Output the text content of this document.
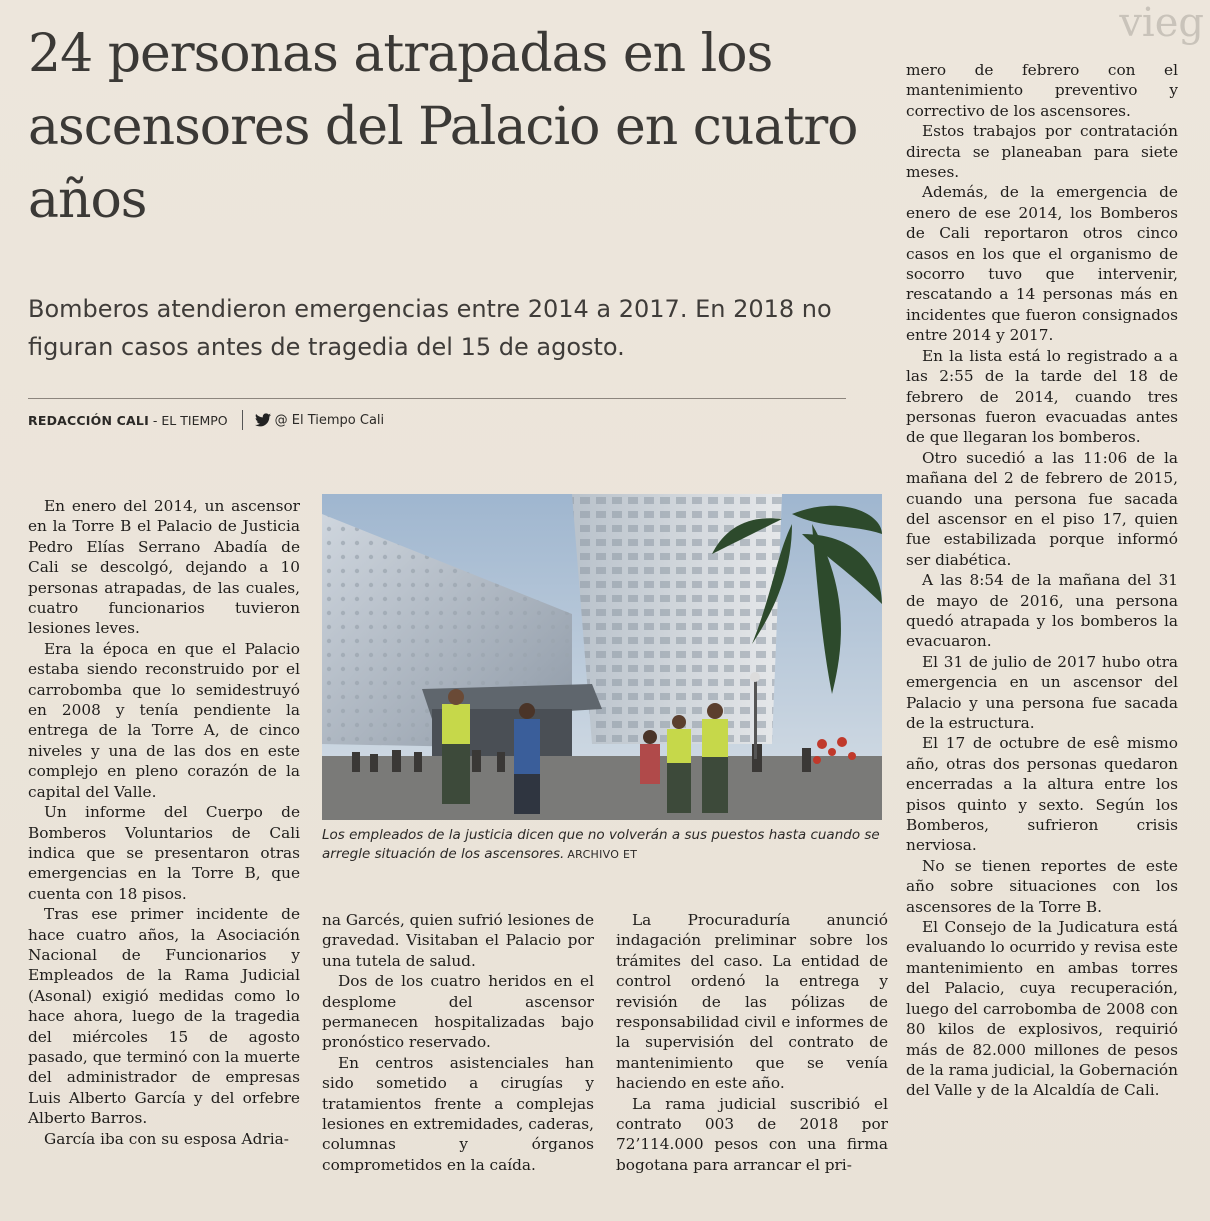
vieg
24 personas atrapadas en los ascensores del Palacio en cuatro años
Bomberos atendieron emergencias entre 2014 a 2017. En 2018 no figuran casos antes de tragedia del 15 de agosto.
REDACCIÓN CALI - EL TIEMPO	@ El Tiempo Cali

En enero del 2014, un ascensor en la Torre B el Palacio de Justicia Pedro Elías Serrano Abadía de Cali se descolgó, dejando a 10 personas atrapadas, de las cuales, cuatro funcionarios tuvieron lesiones leves.

Era la época en que el Palacio estaba siendo reconstruido por el carrobomba que lo semidestruyó en 2008 y tenía pendiente la entrega de la Torre A, de cinco niveles y una de las dos en este complejo en pleno corazón de la capital del Valle.

Un informe del Cuerpo de Bomberos Voluntarios de Cali indica que se presentaron otras emergencias en la Torre B, que cuenta con 18 pisos.

Tras ese primer incidente de hace cuatro años, la Asociación Nacional de Funcionarios y Empleados de la Rama Judicial (Asonal) exigió medidas como lo hace ahora, luego de la tragedia del miércoles 15 de agosto pasado, que terminó con la muerte del administrador de empresas Luis Alberto García y del orfebre Alberto Barros.

García iba con su esposa Adria-

Los empleados de la justicia dicen que no volverán a sus puestos hasta cuando se arregle situación de los ascensores. ARCHIVO ET

na Garcés, quien sufrió lesiones de gravedad. Visitaban el Palacio por una tutela de salud.

Dos de los cuatro heridos en el desplome del ascensor permanecen hospitalizadas bajo pronóstico reservado.

En centros asistenciales han sido sometido a cirugías y tratamientos frente a complejas lesiones en extremidades, caderas, columnas y órganos comprometidos en la caída.

La Procuraduría anunció indagación preliminar sobre los trámites del caso. La entidad de control ordenó la entrega y revisión de las pólizas de responsabilidad civil e informes de la supervisión del contrato de mantenimiento que se venía haciendo en este año.

La rama judicial suscribió el contrato 003 de 2018 por 72’114.000 pesos con una firma bogotana para arrancar el pri-

mero de febrero con el mantenimiento preventivo y correctivo de los ascensores.

Estos trabajos por contratación directa se planeaban para siete meses.

Además, de la emergencia de enero de ese 2014, los Bomberos de Cali reportaron otros cinco casos en los que el organismo de socorro tuvo que intervenir, rescatando a 14 personas más en incidentes que fueron consignados entre 2014 y 2017.

En la lista está lo registrado a a las 2:55 de la tarde del 18 de febrero de 2014, cuando tres personas fueron evacuadas antes de que llegaran los bomberos.

Otro sucedió a las 11:06 de la mañana del 2 de febrero de 2015, cuando una persona fue sacada del ascensor en el piso 17, quien fue estabilizada porque informó ser diabética.

A las 8:54 de la mañana del 31 de mayo de 2016, una persona quedó atrapada y los bomberos la evacuaron.

El 31 de julio de 2017 hubo otra emergencia en un ascensor del Palacio y una persona fue sacada de la estructura.

El 17 de octubre de esê mismo año, otras dos personas quedaron encerradas a la altura entre los pisos quinto y sexto. Según los Bomberos, sufrieron crisis nerviosa.

No se tienen reportes de este año sobre situaciones con los ascensores de la Torre B.

El Consejo de la Judicatura está evaluando lo ocurrido y revisa este mantenimiento en ambas torres del Palacio, cuya recuperación, luego del carrobomba de 2008 con 80 kilos de explosivos, requirió más de 82.000 millones de pesos de la rama judicial, la Gobernación del Valle y de la Alcaldía de Cali.
